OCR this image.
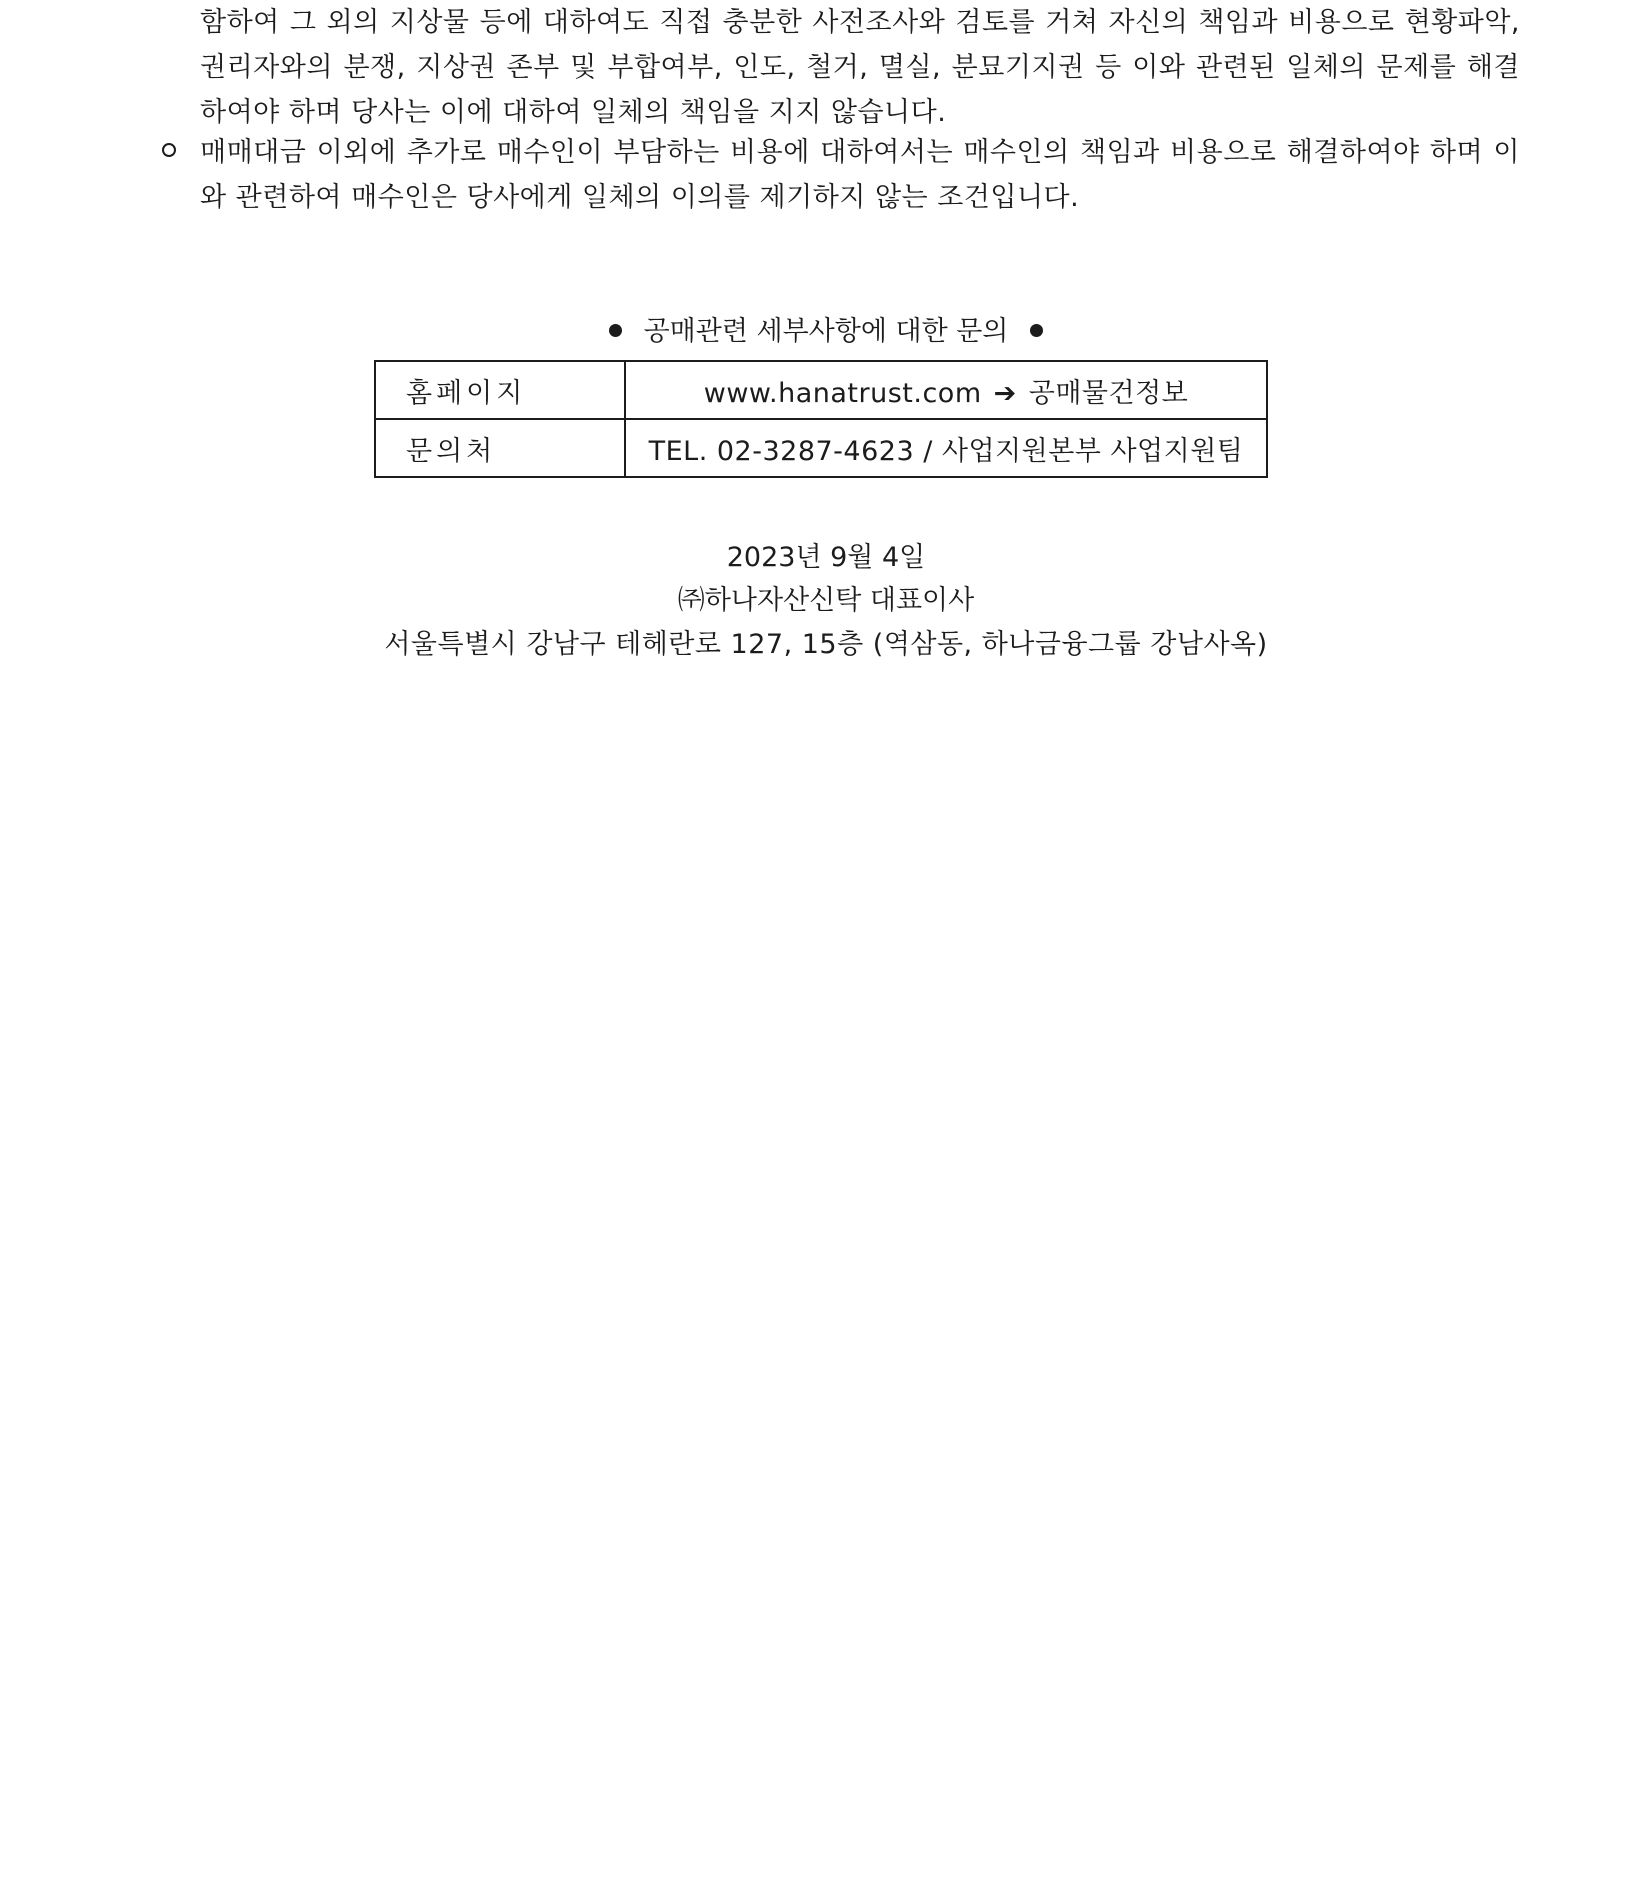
함하여 그 외의 지상물 등에 대하여도 직접 충분한 사전조사와 검토를 거쳐 자신의 책임과 비용으로 현황파악, 권리자와의 분쟁, 지상권 존부 및 부합여부, 인도, 철거, 멸실, 분묘기지권 등 이와 관련된 일체의 문제를 해결하여야 하며 당사는 이에 대하여 일체의 책임을 지지 않습니다.
매매대금 이외에 추가로 매수인이 부담하는 비용에 대하여서는 매수인의 책임과 비용으로 해결하여야 하며 이와 관련하여 매수인은 당사에게 일체의 이의를 제기하지 않는 조건입니다.
공매관련 세부사항에 대한 문의
홈페이지	www.hanatrust.com ➔ 공매물건정보
문의처	TEL. 02-3287-4623 / 사업지원본부 사업지원팀
2023년 9월 4일
㈜하나자산신탁 대표이사
서울특별시 강남구 테헤란로 127, 15층 (역삼동, 하나금융그룹 강남사옥)
